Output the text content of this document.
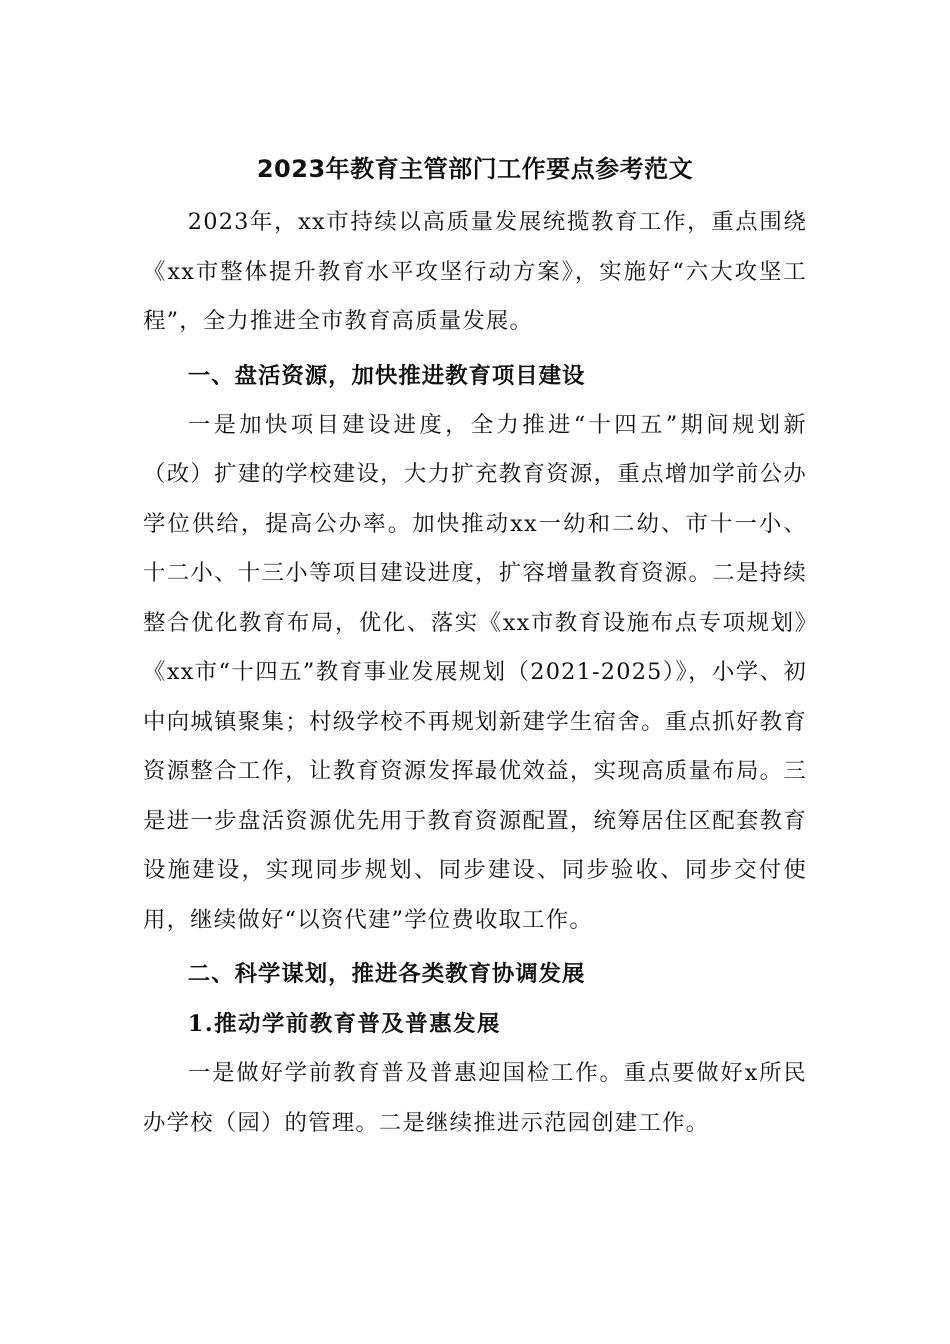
2023年教育主管部门工作要点参考范文

2023年，xx市持续以高质量发展统揽教育工作，重点围绕《xx市整体提升教育水平攻坚行动方案》，实施好“六大攻坚工程”，全力推进全市教育高质量发展。

一、盘活资源，加快推进教育项目建设

一是加快项目建设进度，全力推进“十四五”期间规划新（改）扩建的学校建设，大力扩充教育资源，重点增加学前公办学位供给，提高公办率。加快推动xx一幼和二幼、市十一小、十二小、十三小等项目建设进度，扩容增量教育资源。二是持续整合优化教育布局，优化、落实《xx市教育设施布点专项规划》《xx市“十四五”教育事业发展规划（2021-2025）》，小学、初中向城镇聚集；村级学校不再规划新建学生宿舍。重点抓好教育资源整合工作，让教育资源发挥最优效益，实现高质量布局。三是进一步盘活资源优先用于教育资源配置，统筹居住区配套教育设施建设，实现同步规划、同步建设、同步验收、同步交付使用，继续做好“以资代建”学位费收取工作。

二、科学谋划，推进各类教育协调发展

1.推动学前教育普及普惠发展

一是做好学前教育普及普惠迎国检工作。重点要做好x所民办学校（园）的管理。二是继续推进示范园创建工作。
